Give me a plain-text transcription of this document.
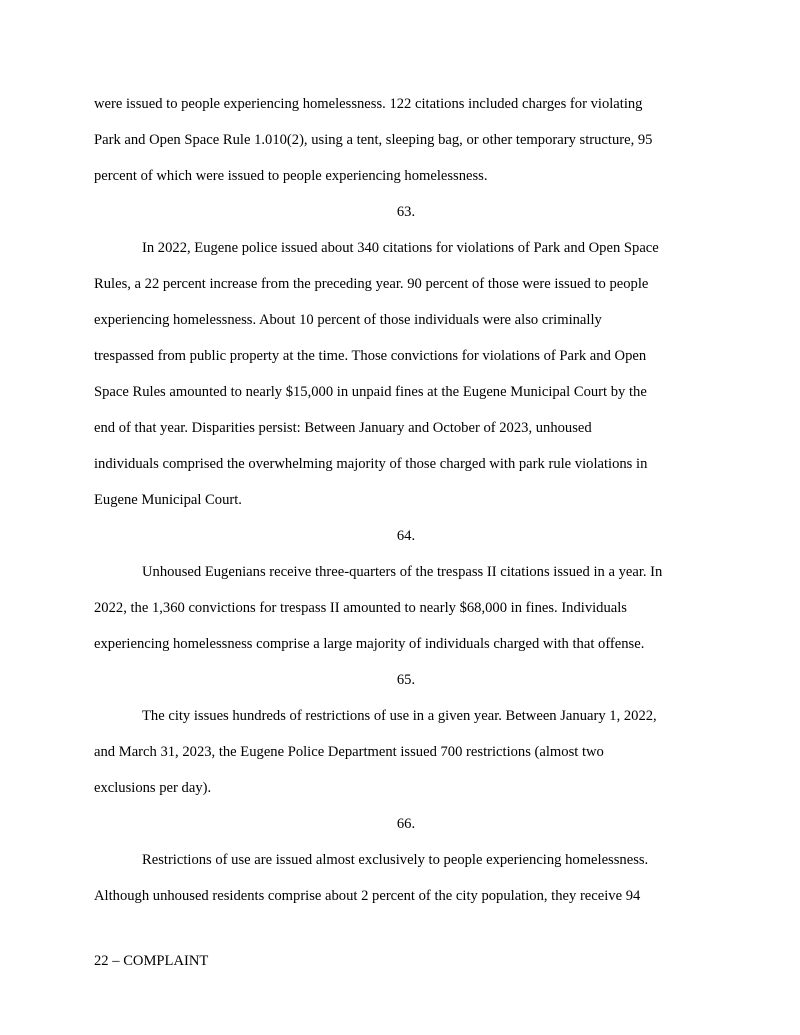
were issued to people experiencing homelessness. 122 citations included charges for violating
Park and Open Space Rule 1.010(2), using a tent, sleeping bag, or other temporary structure, 95
percent of which were issued to people experiencing homelessness.
63.
In 2022, Eugene police issued about 340 citations for violations of Park and Open Space
Rules, a 22 percent increase from the preceding year. 90 percent of those were issued to people
experiencing homelessness. About 10 percent of those individuals were also criminally
trespassed from public property at the time. Those convictions for violations of Park and Open
Space Rules amounted to nearly $15,000 in unpaid fines at the Eugene Municipal Court by the
end of that year. Disparities persist: Between January and October of 2023, unhoused
individuals comprised the overwhelming majority of those charged with park rule violations in
Eugene Municipal Court.
64.
Unhoused Eugenians receive three-quarters of the trespass II citations issued in a year. In
2022, the 1,360 convictions for trespass II amounted to nearly $68,000 in fines. Individuals
experiencing homelessness comprise a large majority of individuals charged with that offense.
65.
The city issues hundreds of restrictions of use in a given year. Between January 1, 2022,
and March 31, 2023, the Eugene Police Department issued 700 restrictions (almost two
exclusions per day).
66.
Restrictions of use are issued almost exclusively to people experiencing homelessness.
Although unhoused residents comprise about 2 percent of the city population, they receive 94
22 – COMPLAINT
